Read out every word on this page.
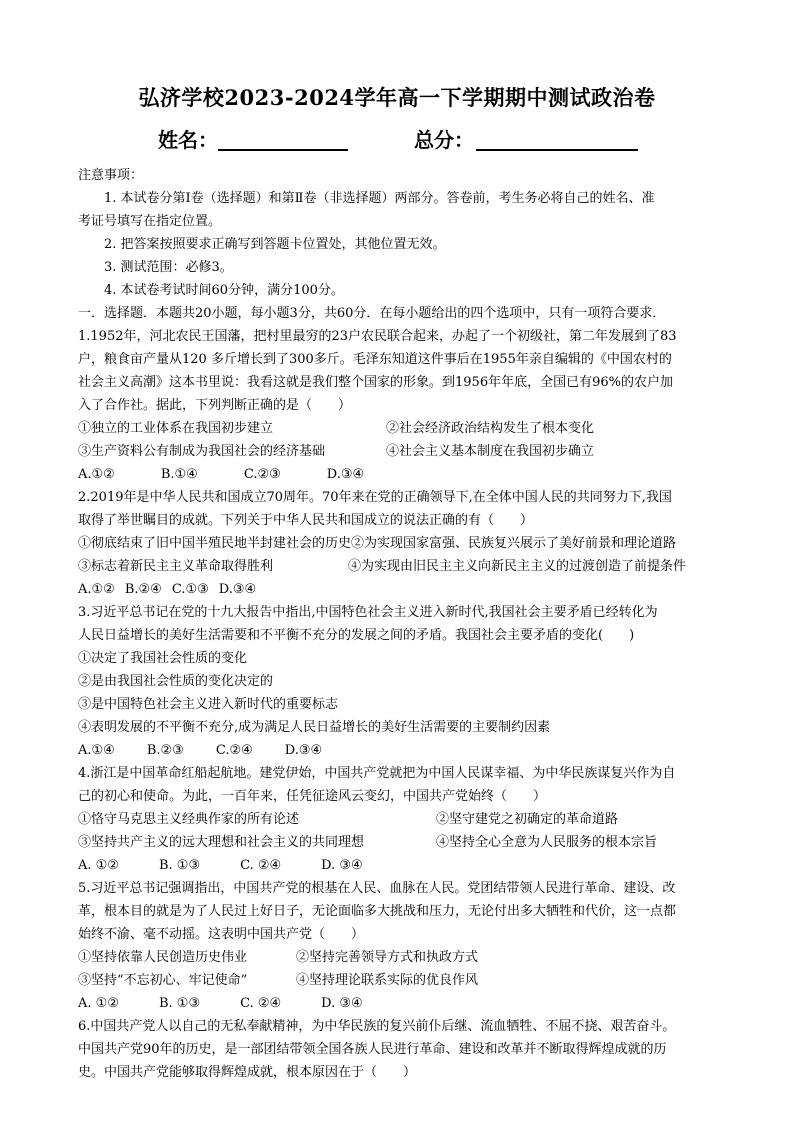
弘济学校2023-2024学年高一下学期期中测试政治卷
姓名：	总分：
注意事项：
1. 本试卷分第Ⅰ卷（选择题）和第Ⅱ卷（非选择题）两部分。答卷前，考生务必将自己的姓名、准
考证号填写在指定位置。
2. 把答案按照要求正确写到答题卡位置处，其他位置无效。
3. 测试范围：必修3。
4. 本试卷考试时间60分钟，满分100分。
一．选择题．本题共20小题，每小题3分，共60分．在每小题给出的四个选项中，只有一项符合要求．
1.1952年，河北农民王国藩，把村里最穷的23户农民联合起来，办起了一个初级社，第二年发展到了83
户，粮食亩产量从120 多斤增长到了300多斤。毛泽东知道这件事后在1955年亲自编辑的《中国农村的
社会主义高潮》这本书里说：我看这就是我们整个国家的形象。到1956年年底，全国已有96%的农户加
入了合作社。据此，下列判断正确的是（　　）
①独立的工业体系在我国初步建立	②社会经济政治结构发生了根本变化
③生产资料公有制成为我国社会的经济基础	④社会主义基本制度在我国初步确立
A.①②	B.①④	C.②③	D.③④
2.2019年是中华人民共和国成立70周年。70年来在党的正确领导下,在全体中国人民的共同努力下,我国
取得了举世瞩目的成就。下列关于中华人民共和国成立的说法正确的有（　　）
①彻底结束了旧中国半殖民地半封建社会的历史②为实现国家富强、民族复兴展示了美好前景和理论道路
③标志着新民主主义革命取得胜利	④为实现由旧民主主义向新民主主义的过渡创造了前提条件
A.①② B.②④ C.①③ D.③④
3.习近平总书记在党的十九大报告中指出,中国特色社会主义进入新时代,我国社会主要矛盾已经转化为
人民日益增长的美好生活需要和不平衡不充分的发展之间的矛盾。我国社会主要矛盾的变化(　　)
①决定了我国社会性质的变化
②是由我国社会性质的变化决定的
③是中国特色社会主义进入新时代的重要标志
④表明发展的不平衡不充分,成为满足人民日益增长的美好生活需要的主要制约因素
A.①④ B.②③ C.②④ D.③④
4.浙江是中国革命红船起航地。建党伊始，中国共产党就把为中国人民谋幸福、为中华民族谋复兴作为自
己的初心和使命。为此，一百年来，任凭征途风云变幻，中国共产党始终（　　）
①恪守马克思主义经典作家的所有论述	②坚守建党之初确定的革命道路
③坚持共产主义的远大理想和社会主义的共同理想	④坚持全心全意为人民服务的根本宗旨
A. ①②	B. ①③	C. ②④	D. ③④
5.习近平总书记强调指出，中国共产党的根基在人民、血脉在人民。党团结带领人民进行革命、建设、改
革，根本目的就是为了人民过上好日子，无论面临多大挑战和压力，无论付出多大牺牲和代价，这一点都
始终不渝、毫不动摇。这表明中国共产党（　　）
①坚持依靠人民创造历史伟业	②坚持完善领导方式和执政方式
③坚持“不忘初心、牢记使命”	④坚持理论联系实际的优良作风
A. ①②	B. ①③	C. ②④	D. ③④
6.中国共产党人以自己的无私奉献精神，为中华民族的复兴前仆后继、流血牺牲、不屈不挠、艰苦奋斗。
中国共产党90年的历史，是一部团结带领全国各族人民进行革命、建设和改革并不断取得辉煌成就的历
史。中国共产党能够取得辉煌成就，根本原因在于（　　）
